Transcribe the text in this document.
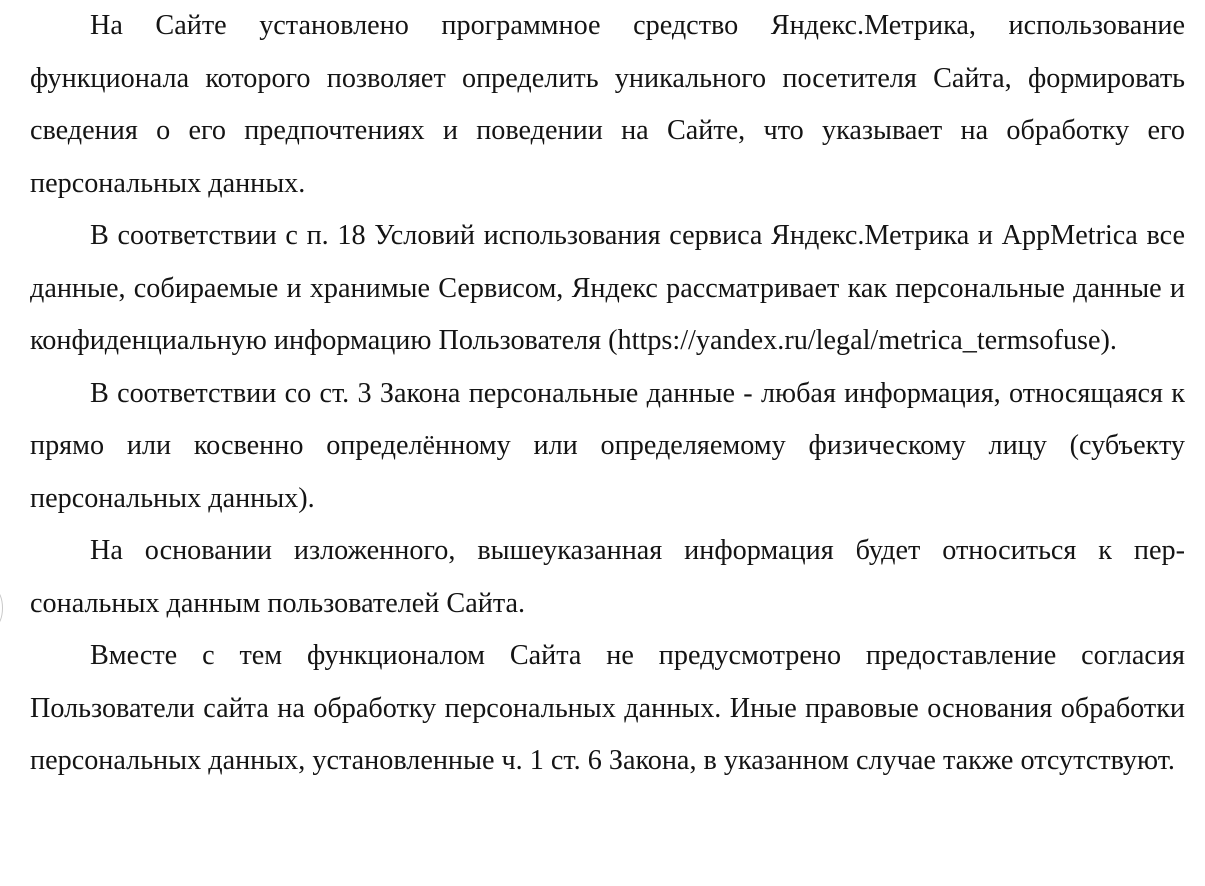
На Сайте установлено программное средство Яндекс.Метрика, использование функционала которого позволяет определить уникального посетителя Сайта, формировать сведения о его предпочтениях и поведении на Сайте, что указывает на обработку его персональных данных.

В соответствии с п. 18 Условий использования сервиса Яндекс.Метрика и AppMetrica все данные, собираемые и хранимые Сервисом, Яндекс рассматривает как персональные данные и конфиденциальную информацию Пользователя (https://yandex.ru/legal/metrica_termsofuse).

В соответствии со ст. 3 Закона персональные данные - любая информация, относящаяся к прямо или косвенно определённому или определяемому физическому лицу (субъекту персональных данных).

На основании изложенного, вышеуказанная информация будет относиться к персональных данным пользователей Сайта.

Вместе с тем функционалом Сайта не предусмотрено предоставление согласия Пользователи сайта на обработку персональных данных. Иные правовые основания обработки персональных данных, установленные ч. 1 ст. 6 Закона, в указанном случае также отсутствуют.
